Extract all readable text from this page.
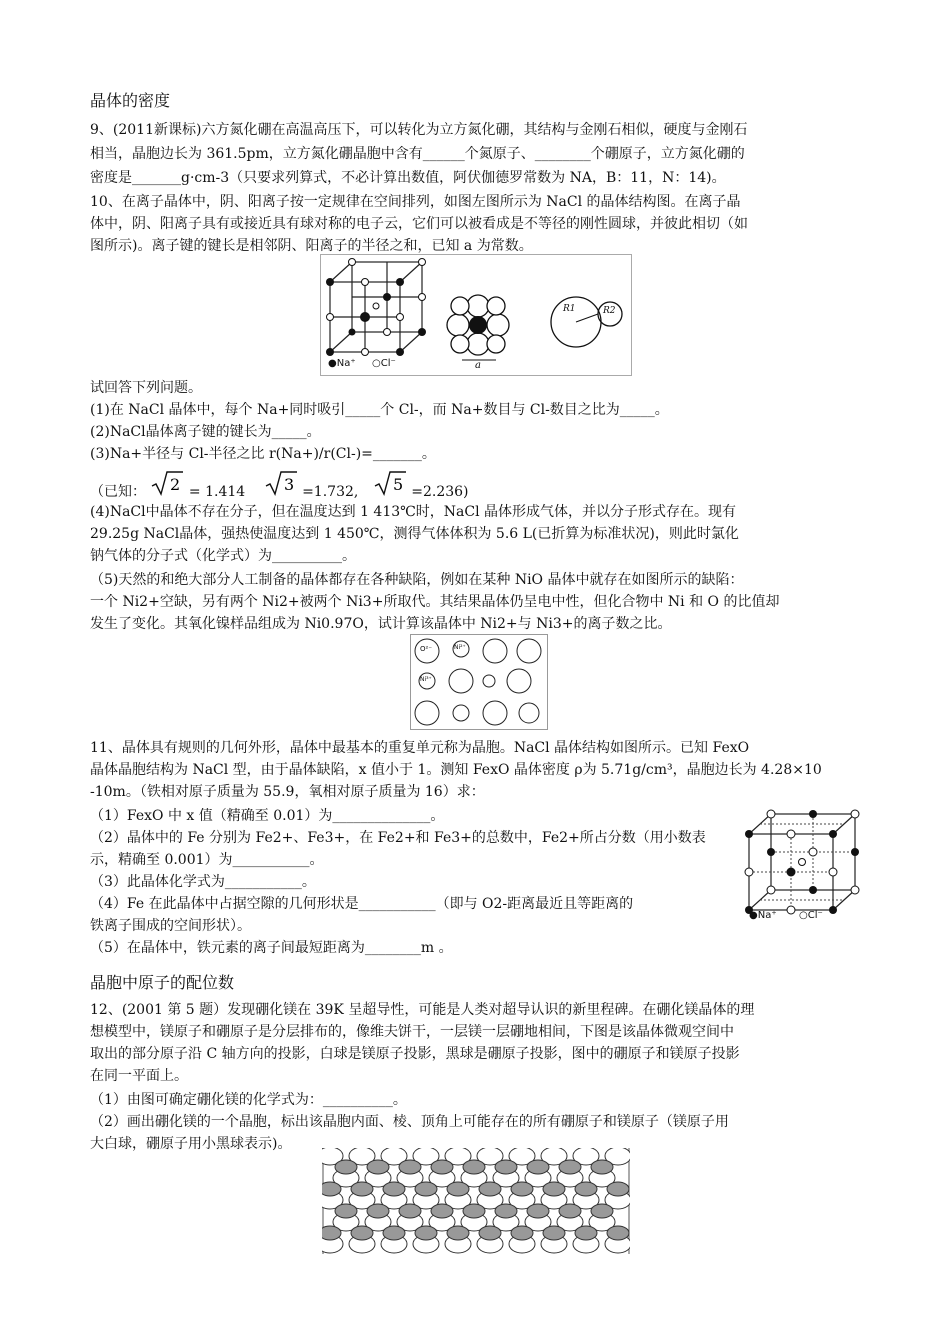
晶体的密度
9、(2011新课标)六方氮化硼在高温高压下，可以转化为立方氮化硼，其结构与金刚石相似，硬度与金刚石
相当，晶胞边长为 361.5pm，立方氮化硼晶胞中含有______个氮原子、________个硼原子，立方氮化硼的
密度是_______g·cm-3（只要求列算式，不必计算出数值，阿伏伽德罗常数为 NA，B：11，N：14)。
10、在离子晶体中，阴、阳离子按一定规律在空间排列，如图左图所示为 NaCl 的晶体结构图。在离子晶
体中，阴、阳离子具有或接近具有球对称的电子云，它们可以被看成是不等径的刚性圆球，并彼此相切（如
图所示)。离子键的键长是相邻阴、阳离子的半径之和，已知 a 为常数。
●Na⁺ ○Cl⁻	a
R1	R2
试回答下列问题。
(1)在 NaCl 晶体中，每个 Na+同时吸引_____个 Cl-，而 Na+数目与 Cl-数目之比为_____。
(2)NaCl晶体离子键的键长为_____。
(3)Na+半径与 Cl-半径之比 r(Na+)/r(Cl-)=_______。
（已知： 2 = 1.414 3 =1.732, 5 =2.236)
(4)NaCl中晶体不存在分子，但在温度达到 1 413℃时，NaCl 晶体形成气体，并以分子形式存在。现有
29.25g NaCl晶体，强热使温度达到 1 450℃，测得气体体积为 5.6 L(已折算为标准状况)，则此时氯化
钠气体的分子式（化学式）为__________。
（5)天然的和绝大部分人工制备的晶体都存在各种缺陷，例如在某种 NiO 晶体中就存在如图所示的缺陷：
一个 Ni2+空缺，另有两个 Ni2+被两个 Ni3+所取代。其结果晶体仍呈电中性，但化合物中 Ni 和 O 的比值却
发生了变化。其氧化镍样品组成为 Ni0.97O，试计算该晶体中 Ni2+与 Ni3+的离子数之比。
O²⁻	Ni²⁺
Ni³⁺
11、晶体具有规则的几何外形，晶体中最基本的重复单元称为晶胞。NaCl 晶体结构如图所示。已知 FexO
晶体晶胞结构为 NaCl 型，由于晶体缺陷，x 值小于 1。测知 FexO 晶体密度 ρ为 5.71g/cm³，晶胞边长为 4.28×10
-10m。（铁相对原子质量为 55.9，氧相对原子质量为 16）求：
（1）FexO 中 x 值（精确至 0.01）为______________。
（2）晶体中的 Fe 分别为 Fe2+、Fe3+，在 Fe2+和 Fe3+的总数中，Fe2+所占分数（用小数表
示，精确至 0.001）为___________。
（3）此晶体化学式为___________。
（4）Fe 在此晶体中占据空隙的几何形状是___________（即与 O2-距离最近且等距离的
铁离子围成的空间形状）。
（5）在晶体中，铁元素的离子间最短距离为________m 。
●Na⁺ ○Cl⁻
晶胞中原子的配位数
12、(2001 第 5 题）发现硼化镁在 39K 呈超导性，可能是人类对超导认识的新里程碑。在硼化镁晶体的理
想模型中，镁原子和硼原子是分层排布的，像维夫饼干，一层镁一层硼地相间，下图是该晶体微观空间中
取出的部分原子沿 C 轴方向的投影，白球是镁原子投影，黑球是硼原子投影，图中的硼原子和镁原子投影
在同一平面上。
（1）由图可确定硼化镁的化学式为：__________。
（2）画出硼化镁的一个晶胞，标出该晶胞内面、棱、顶角上可能存在的所有硼原子和镁原子（镁原子用
大白球，硼原子用小黑球表示)。
